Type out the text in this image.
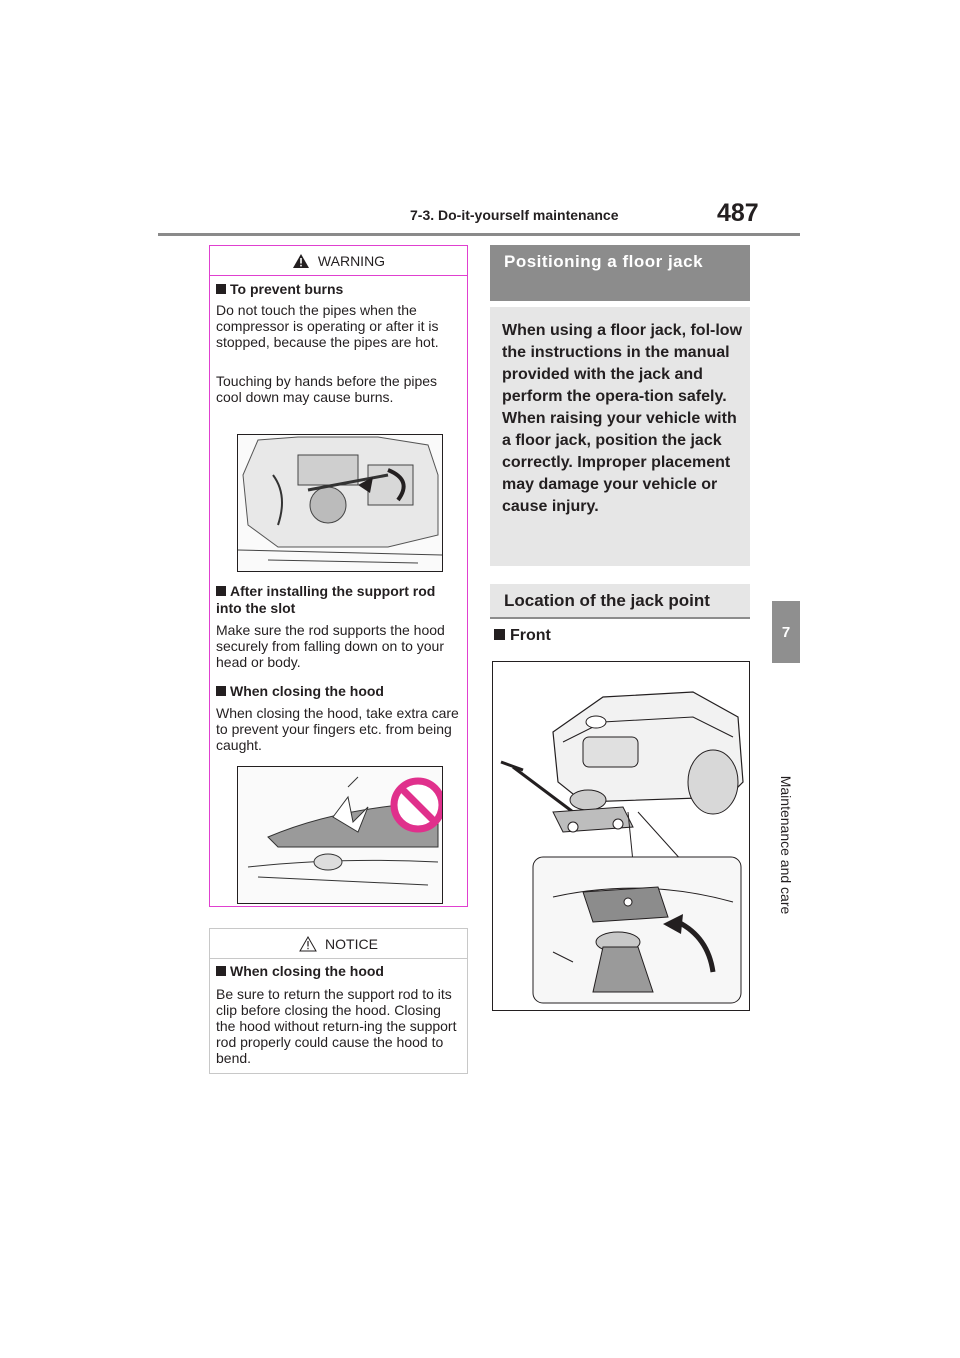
7-3. Do-it-yourself maintenance	487
7
Maintenance and care
WARNING
To prevent burns
Do not touch the pipes when the compressor is operating or after it is stopped, because the pipes are hot.
Touching by hands before the pipes cool down may cause burns.
After installing the support rod into the slot
Make sure the rod supports the hood securely from falling down on to your head or body.
When closing the hood
When closing the hood, take extra care to prevent your fingers etc. from being caught.
NOTICE
When closing the hood
Be sure to return the support rod to its clip before closing the hood. Closing the hood without return-ing the support rod properly could cause the hood to bend.
Positioning a floor jack
When using a floor jack, fol-low the instructions in the manual provided with the jack and perform the opera-tion safely. When raising your vehicle with a floor jack, position the jack correctly. Improper placement may damage your vehicle or cause injury.
Location of the jack point
Front
